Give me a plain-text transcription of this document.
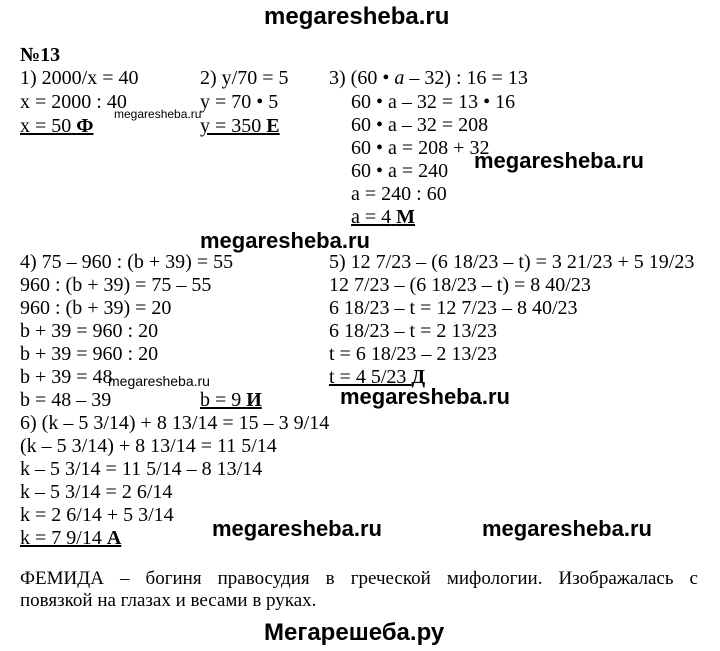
megaresheba.ru
№13
1) 2000/x = 40
x = 2000 : 40
x = 50 Ф
megaresheba.ru
2) y/70 = 5
y = 70 • 5
y = 350 Е
3) (60 • a – 32) : 16 = 13
60 • a – 32 = 13 • 16
60 • a – 32 = 208
60 • a = 208 + 32
60 • a = 240
a = 240 : 60
a = 4 М
megaresheba.ru
megaresheba.ru
4) 75 – 960 : (b + 39) = 55
960 : (b + 39) = 75 – 55
960 : (b + 39) = 20
b + 39 = 960 : 20
b + 39 = 960 : 20
b + 39 = 48
b = 48 – 39	b = 9 И
megaresheba.ru
5) 12 7/23 – (6 18/23 – t) = 3 21/23 + 5 19/23
12 7/23 – (6 18/23 – t) = 8 40/23
6 18/23 – t = 12 7/23 – 8 40/23
6 18/23 – t = 2 13/23
t = 6 18/23 – 2 13/23
t = 4 5/23 Д
megaresheba.ru
6) (k – 5 3/14) + 8 13/14 = 15 – 3 9/14
(k – 5 3/14) + 8 13/14 = 11 5/14
k – 5 3/14 = 11 5/14 – 8 13/14
k – 5 3/14 = 2 6/14
k = 2 6/14 + 5 3/14
k = 7 9/14 А	megaresheba.ru	megaresheba.ru
ФЕМИДА – богиня правосудия в греческой мифологии. Изображалась с
повязкой на глазах и весами в руках.
Мегарешеба.ру
